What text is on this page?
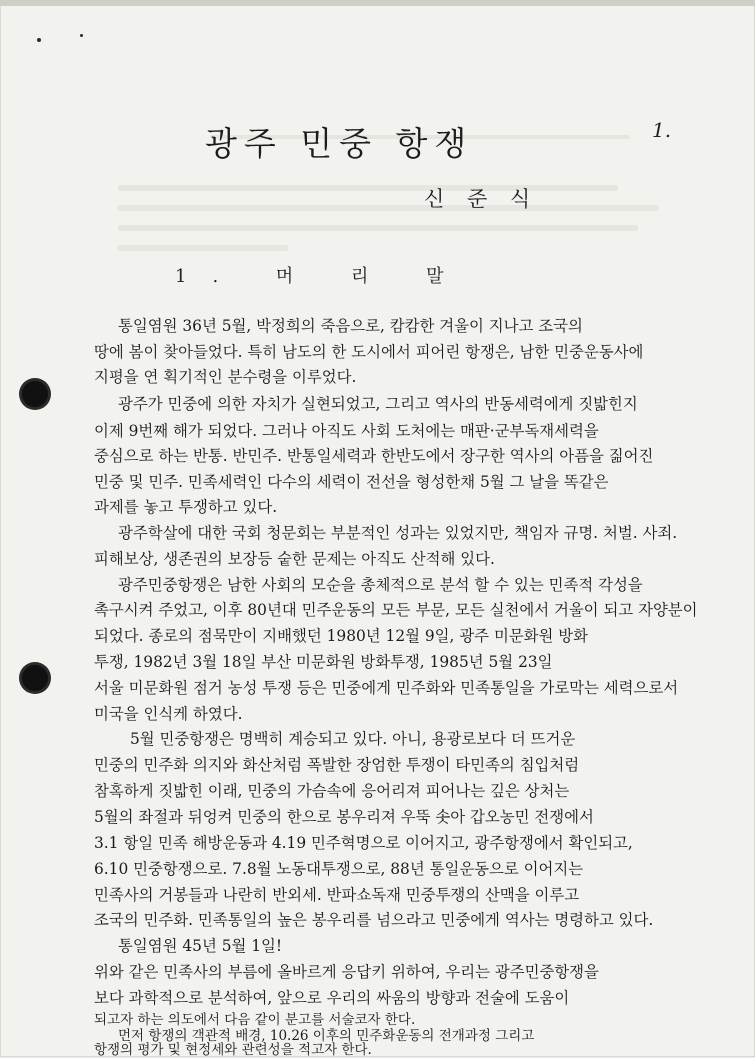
1.
광주 민중 항쟁
신 준 식
1. 머 리 말
통일염원 36년 5월, 박정희의 죽음으로, 캄캄한 겨울이 지나고 조국의
땅에 봄이 찾아들었다. 특히 남도의 한 도시에서 피어린 항쟁은, 남한 민중운동사에
지평을 연 획기적인 분수령을 이루었다.
광주가 민중에 의한 자치가 실현되었고, 그리고 역사의 반동세력에게 짓밟힌지
이제 9번째 해가 되었다. 그러나 아직도 사회 도처에는 매판·군부독재세력을
중심으로 하는 반통. 반민주. 반통일세력과 한반도에서 장구한 역사의 아픔을 짊어진
민중 및 민주. 민족세력인 다수의 세력이 전선을 형성한채 5월 그 날을 똑같은
과제를 놓고 투쟁하고 있다.
광주학살에 대한 국회 청문회는 부분적인 성과는 있었지만, 책임자 규명. 처벌. 사죄.
피해보상, 생존권의 보장등 숱한 문제는 아직도 산적해 있다.
광주민중항쟁은 남한 사회의 모순을 총체적으로 분석 할 수 있는 민족적 각성을
촉구시켜 주었고, 이후 80년대 민주운동의 모든 부문, 모든 실천에서 거울이 되고 자양분이
되었다. 종로의 점묵만이 지배했던 1980년 12월 9일, 광주 미문화원 방화
투쟁, 1982년 3월 18일 부산 미문화원 방화투쟁, 1985년 5월 23일
서울 미문화원 점거 농성 투쟁 등은 민중에게 민주화와 민족통일을 가로막는 세력으로서
미국을 인식케 하였다.
5월 민중항쟁은 명백히 계승되고 있다. 아니, 용광로보다 더 뜨거운
민중의 민주화 의지와 화산처럼 폭발한 장엄한 투쟁이 타민족의 침입처럼
참혹하게 짓밟힌 이래, 민중의 가슴속에 응어리져 피어나는 깊은 상처는
5월의 좌절과 뒤엉켜 민중의 한으로 봉우리져 우뚝 솟아 갑오농민 전쟁에서
3.1 항일 민족 해방운동과 4.19 민주혁명으로 이어지고, 광주항쟁에서 확인되고,
6.10 민중항쟁으로. 7.8월 노동대투쟁으로, 88년 통일운동으로 이어지는
민족사의 거봉들과 나란히 반외세. 반파쇼독재 민중투쟁의 산맥을 이루고
조국의 민주화. 민족통일의 높은 봉우리를 넘으라고 민중에게 역사는 명령하고 있다.
통일염원 45년 5월 1일!
위와 같은 민족사의 부름에 올바르게 응답키 위하여, 우리는 광주민중항쟁을
보다 과학적으로 분석하여, 앞으로 우리의 싸움의 방향과 전술에 도움이
되고자 하는 의도에서 다음 같이 분고를 서술코자 한다.
먼저 항쟁의 객관적 배경, 10.26 이후의 민주화운동의 전개과정 그리고
항쟁의 평가 및 현정세와 관련성을 적고자 한다.
